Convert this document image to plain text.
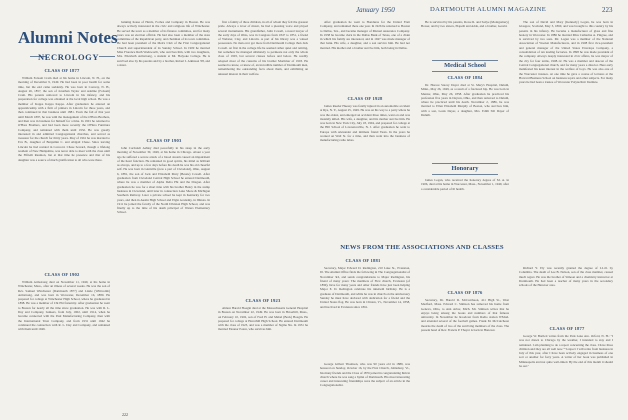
January 1950	DARTMOUTH ALUMNI MAGAZINE	223
Alumni Notes
NECROLOGY
CLASS OF 1877

William Folsom Cram died at his home in Lincoln, N. H., on the morning of December 9, 1949. He had been in poor health for some time, but the end came suddenly. He was born in Conway, N. H., August 26, 1857, the son of Jonathan Taylor and Adeline (Folsom) Cram. His parents removed to Lincoln in his infancy, and his preparation for college was obtained at the local high school. He was a member of Kappa Kappa Kappa. After graduation he entered an apprenticeship with a firm of printers in Lincoln for three years, and then continued in that business until 1881. From the fall of that year until March 1897, he was with the management of the O'Hara Brothers, and then was in business for himself for a time. In 1901 he returned to O'Hara Brothers, and had been more recently the O'Hara Furniture Company, and remained with them until 1932. He was greatly interested in and admitted Congregational churches, and served as treasurer for the church for thirty years. May of 1961 he was married to Eva B., daughter of Benjamin C. and Abigail Chase. Since leaving Lincoln he had resided in Concord. Chase Seward, though a lifelong resident of New Hampshire, was never able to meet with the class until the Fiftieth Reunion, but at that time he presence and that of his daughter was a source of much gratification to all who were there.

CLASS OF 1902

William Armstrong died on November 11, 1949, at his home in Winchester, Mass., after an illness of several weeks. He was the son of Rev. Samuel Winchester (Dartmouth 1877) and Lizzie (Whitcomb) Armstrong, and was born in Worcester, December 16, 1880. He prepared for college at Winchester High School, where he graduated in 1898. He was a member of Chi Phi fraternity. After graduation he went to Boston for nearly all the time since graduation. He was with R. L. Day and Company, bankers, from July, 1902, until 1914, when he became connected with the Paul Manufacturing Company, then with the International Trust Company, and from 1931 until 1942 he continued the connection with R. L. Day and Company, and remained with them until 1949.

banking house of Harris, Forbes and Company in Boston. He was always actively interested in the civic and religious life of Winchester. He served the town as a member of its finance committee, and for many years was an election official. He had also been a member of the state committee of the Republican party, and chairman of its town committee. He had been president of the Men's Club of the First Congregational Church and superintendent of its Sunday School. In 1909 he married Miss Florence Ruth Wadsworth, who survives him, with two daughters, Mrs. Elizabeth Armstrong, a student at Mt. Holyoke College. He is survived also by his parents and by a brother, Robert I. Atkinson '08, and a sister.

CLASS OF 1903

John Cortlandt Ashley died peacefully in his sleep in the early morning of November 30, 1949, at his home in Chicago. About a year ago he suffered a severe attack of a blood stream caused an impairment of the heart function. He remained in good spirits, his mind as brilliant as always, and up to a few days before his death he was his old cheerful self. He was born in Glenville (now a part of Cleveland), Ohio, August 6, 1881, the son of Jack and Elizabeth Mary (Bessie) Cowell. After graduation from Cleveland Central High School he entered Dartmouth, where he was a member of Alpha Delta Phi and the Dragon. After graduation he was for a short time with his brother Henry in the stamp business in Cleveland, until later in connection Lake Shore & Michigan Southern Railway. Later a private school he kept in Kentucky for two years, and then in Austin High School and Elgin Academy, in Illinois. In 1911 he joined the faculty of the North Division High School, and was finally up to the time of his death principal of Waters Elementary School.

first a family of three children, in all of whom they felt the greatest pride. Always a lover of music, he had a pleasing voice and played several instruments. His grandfather, John Cowell, a noted lawyer of the early days of Ohio, was in Congress from 1847 to 1851, a friend of Webster, Clay, and Lincoln. A part of his library was a valued possession. No man ever got more from Dartmouth College than Jack Cowell. At first in the college life he seemed rather quiet and retiring, but somehow he managed ultimately to permeate not only the whole class of 1903, but several classes before and below. He readily adopted most of the customs of his brother Mortimer of 1903. He seemed to know, or know of, an incredible number of Dartmouth men, remembering the outstanding facts about them, and exhibiting an unusual interest in their welfare.

CLASS OF 1923

Almon Harold Hoagin died at the Massachusetts General Hospital in Boston on November 22, 1949. He was born in Haverhill, Mass., on February 10, 1902, son of Fred H. and Mabel (Beck) Hoagin. He prepared for college at Haverhill High School. He entered Dartmouth with the class of 1923, and was a member of Sigma Nu. In 1931 he married Eleanor Eaton, who survives him.

After graduation he went to Honduras for the United Fruit Company, and remained there one year. In 1926 he returned to Boston to Dallas, Tex., and became manager of Mutual Assurance Company. In 1938 he became clerk in the Dallas Bank of Texas, one of a chain in which his family are interested, and in 1947 was made manager of that bank. His wife, a daughter, and a son survive him. He had not married. His mother and a brother survive him, both being in Dallas.

CLASS OF 1928

James Reeder Huessy was fatally injured in an automobile accident at Rye, N. Y., August 25, 1949. He was on his way to a party where he was the oldest, and emerged an accident three times, went on and was instantly killed. His wife, a daughter, and his mother survive him. He was born in New York City, July 18, 1904, and prepared for college at the Hill School of Lawrenceville, N. J. After graduation he went to Europe with Alexander and intimate friend Yeats. In the years he worked on Wall St. for a time, and then went into the business of manufacturing radio tubes.

He is survived by his parents, Rowe R. and Sadye (Montgomery) Bower, and by two sisters, Elspeth and Adda, and a brother, Gerald.

Medical School
CLASS OF 1884

Dr. Horace Stacey Dayer died at St. Mary's Hospital, Duluth, Minn., May 26, 1949, as a result of a fractured hip. He was born in Mentor, Ohio, May 26, 1858. After graduation he practiced his profession five years in Dayton, Ohio, and then removed to Duluth, where he practiced until his death. November 2, 1886, he was married to Ellen Elizabeth Murphy of Boston, who survives him, with a son, Louis Dayer, a daughter, Mrs. Edith Sill Dayer of Duluth.

Honorary

James Logan, who received the honorary degree of M. A. in 1906, died at his home in Worcester, Mass., November 1, 1949, after a considerable period of ill health.

The son of David and Mary (Kennedy) Logan, he was born in Glasgow, Scotland, May 3, 1860, and was brought to this country by his parents in his infancy. He became a manufacturer of glass and fine hosiery in Worcester. In 1886 he married Miss Catherine A. Pingree, and is survived by two sons. Mr. Logan was a member of the National Association of Woolen Manufacturers, and in 1908 first vice-president and general manager of the United States Envelope Company, a consolidation of ten leading factories. In 1898 he was made president of the company. Always deeply interested in civic affairs, he was mayor of the city for four terms, 1908-12. He was a member and deacon of the Central Congregational church, and for many years a director. Here early manifested his keen interest in the welfare of boys. He was also one of the Worcester trustees. At one time he gave a course of lectures at the Harvard Business School on business topics and other subjects. For many years he had been a trustee of Worcester Polytechnic Institute.

NEWS FROM THE ASSOCIATIONS AND CLASSES
CLASS OF 1881

Secretary, Major Edward D. Redington, 210 Lake St., Evanston, Ill. The Alumni Office finds the following in The Congregationalist of November 3rd, and sends congratulations to Major Redington, his friend of many years: The members of First church, Evanston (of 1899), have for many years and other friends have just been helping Major E. D. Redington celebrate his ninetieth birthday. He is a graduate of Dartmouth, and while he was in church on the anniversary Sunday he must have declared with dedication for a friend and the United States flag. He was born in Clinton, Vt., November 14, 1858, and has lived in Evanston since 1861.

George Gilbert Thomson, who was 90 years old in 1889, was honored on Sunday, October 16, by the First Church, Johnsbury, Vt., his many friends and the Class of 1876 joined in congratulating him in church where he was sang a hymn of Dartmouth. His most interesting career and interesting friendships were the subject of an article in the Congregationalist.

CLASS OF 1876

Secretary, Dr. Harold D. McCutcheon, 411 High St., West Medford, Mass. Edward C. Stimson has removed his home from Geneva, Ohio, to Ann Arbor, Mich. Mr. Stimson writes that he enjoys being among the books and numbers of that famous university. In November he broadcast from Radio station WMAL and attended several of the football games. Frank M. McCutcheon mourns the death of two of the surviving members of the class. The present head of Rev. Francis P. Thayer is back in Hanover.

Richard Y. Ely was recently granted the degree of LL.D. by Columbia. The death of Lee B. Nelson, son of the class member, caused much regret. He was the brother of Simeon and a chemistry instructor at Dartmouth. He had been a teacher of many years in the secondary schools of the Hanover area.

CLASS OF 1877

George W. Bartlett writes from the Park Lake Ave. Orford, N. H.: "I was not drawn to Chicago by the weather, I intended to stay and I remained. I am planning to do a report concerning the class. I have three children and they are all well now.""I expect I will retire from business in July of this year, after I have been actively engaged in business of one sort or another for forty years. A writer of her book was published in Minneapolis and not quite well-timed. By the end of this month it should be out."

222
